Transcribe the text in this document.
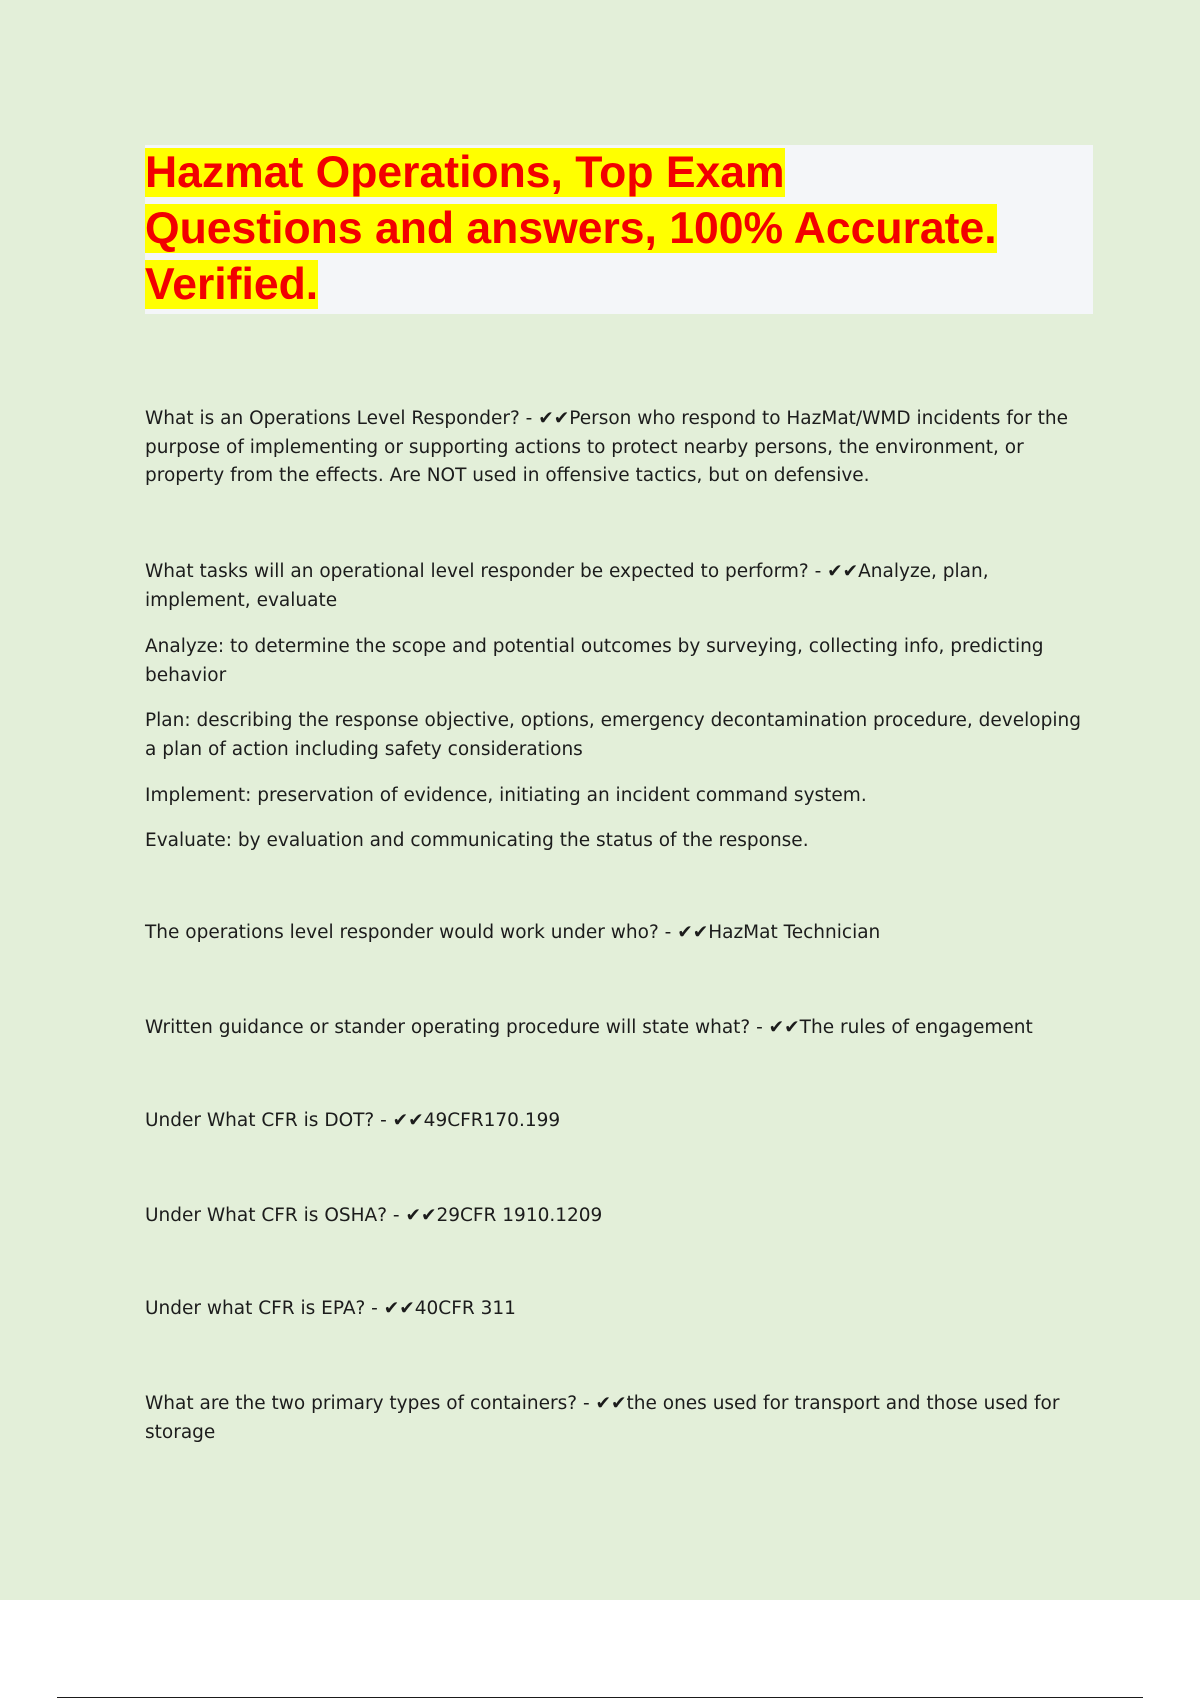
Hazmat Operations, Top Exam
Questions and answers, 100% Accurate.
Verified.

What is an Operations Level Responder? - ✔✔Person who respond to HazMat/WMD incidents for the purpose of implementing or supporting actions to protect nearby persons, the environment, or property from the effects. Are NOT used in offensive tactics, but on defensive.

What tasks will an operational level responder be expected to perform? - ✔✔Analyze, plan, implement, evaluate

Analyze: to determine the scope and potential outcomes by surveying, collecting info, predicting behavior

Plan: describing the response objective, options, emergency decontamination procedure, developing a plan of action including safety considerations

Implement: preservation of evidence, initiating an incident command system.

Evaluate: by evaluation and communicating the status of the response.

The operations level responder would work under who? - ✔✔HazMat Technician

Written guidance or stander operating procedure will state what? - ✔✔The rules of engagement

Under What CFR is DOT? - ✔✔49CFR170.199

Under What CFR is OSHA? - ✔✔29CFR 1910.1209

Under what CFR is EPA? - ✔✔40CFR 311

What are the two primary types of containers? - ✔✔the ones used for transport and those used for storage
